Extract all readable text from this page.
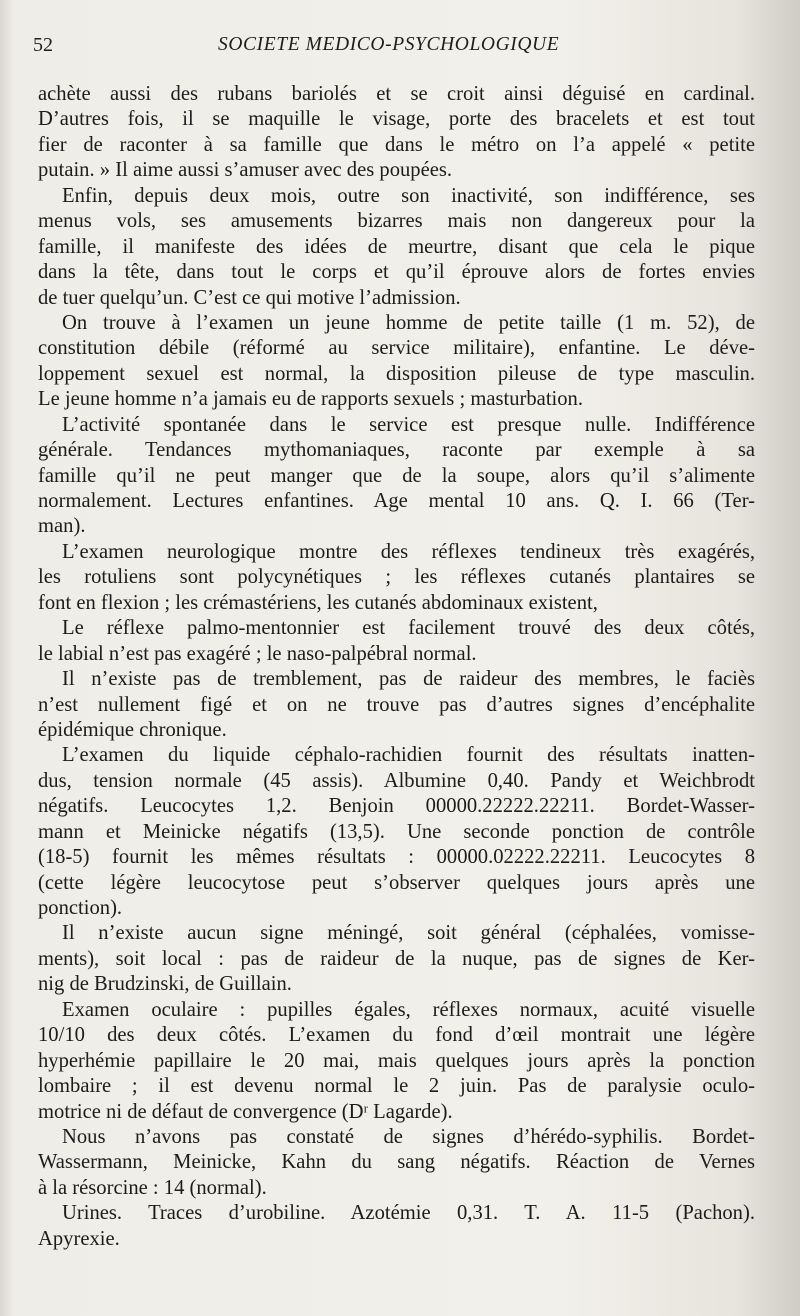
52	SOCIETE MEDICO-PSYCHOLOGIQUE
achète aussi des rubans bariolés et se croit ainsi déguisé en cardinal.
D’autres fois, il se maquille le visage, porte des bracelets et est tout
fier de raconter à sa famille que dans le métro on l’a appelé « petite
putain. » Il aime aussi s’amuser avec des poupées.
Enfin, depuis deux mois, outre son inactivité, son indifférence, ses
menus vols, ses amusements bizarres mais non dangereux pour la
famille, il manifeste des idées de meurtre, disant que cela le pique
dans la tête, dans tout le corps et qu’il éprouve alors de fortes envies
de tuer quelqu’un. C’est ce qui motive l’admission.
On trouve à l’examen un jeune homme de petite taille (1 m. 52), de
constitution débile (réformé au service militaire), enfantine. Le déve-
loppement sexuel est normal, la disposition pileuse de type masculin.
Le jeune homme n’a jamais eu de rapports sexuels ; masturbation.
L’activité spontanée dans le service est presque nulle. Indifférence
générale. Tendances mythomaniaques, raconte par exemple à sa
famille qu’il ne peut manger que de la soupe, alors qu’il s’alimente
normalement. Lectures enfantines. Age mental 10 ans. Q. I. 66 (Ter-
man).
L’examen neurologique montre des réflexes tendineux très exagérés,
les rotuliens sont polycynétiques ; les réflexes cutanés plantaires se
font en flexion ; les crémastériens, les cutanés abdominaux existent,
Le réflexe palmo-mentonnier est facilement trouvé des deux côtés,
le labial n’est pas exagéré ; le naso-palpébral normal.
Il n’existe pas de tremblement, pas de raideur des membres, le faciès
n’est nullement figé et on ne trouve pas d’autres signes d’encéphalite
épidémique chronique.
L’examen du liquide céphalo-rachidien fournit des résultats inatten-
dus, tension normale (45 assis). Albumine 0,40. Pandy et Weichbrodt
négatifs. Leucocytes 1,2. Benjoin 00000.22222.22211. Bordet-Wasser-
mann et Meinicke négatifs (13,5). Une seconde ponction de contrôle
(18-5) fournit les mêmes résultats : 00000.02222.22211. Leucocytes 8
(cette légère leucocytose peut s’observer quelques jours après une
ponction).
Il n’existe aucun signe méningé, soit général (céphalées, vomisse-
ments), soit local : pas de raideur de la nuque, pas de signes de Ker-
nig de Brudzinski, de Guillain.
Examen oculaire : pupilles égales, réflexes normaux, acuité visuelle
10/10 des deux côtés. L’examen du fond d’œil montrait une légère
hyperhémie papillaire le 20 mai, mais quelques jours après la ponction
lombaire ; il est devenu normal le 2 juin. Pas de paralysie oculo-
motrice ni de défaut de convergence (Dʳ Lagarde).
Nous n’avons pas constaté de signes d’hérédo-syphilis. Bordet-
Wassermann, Meinicke, Kahn du sang négatifs. Réaction de Vernes
à la résorcine : 14 (normal).
Urines. Traces d’urobiline. Azotémie 0,31. T. A. 11-5 (Pachon).
Apyrexie.
